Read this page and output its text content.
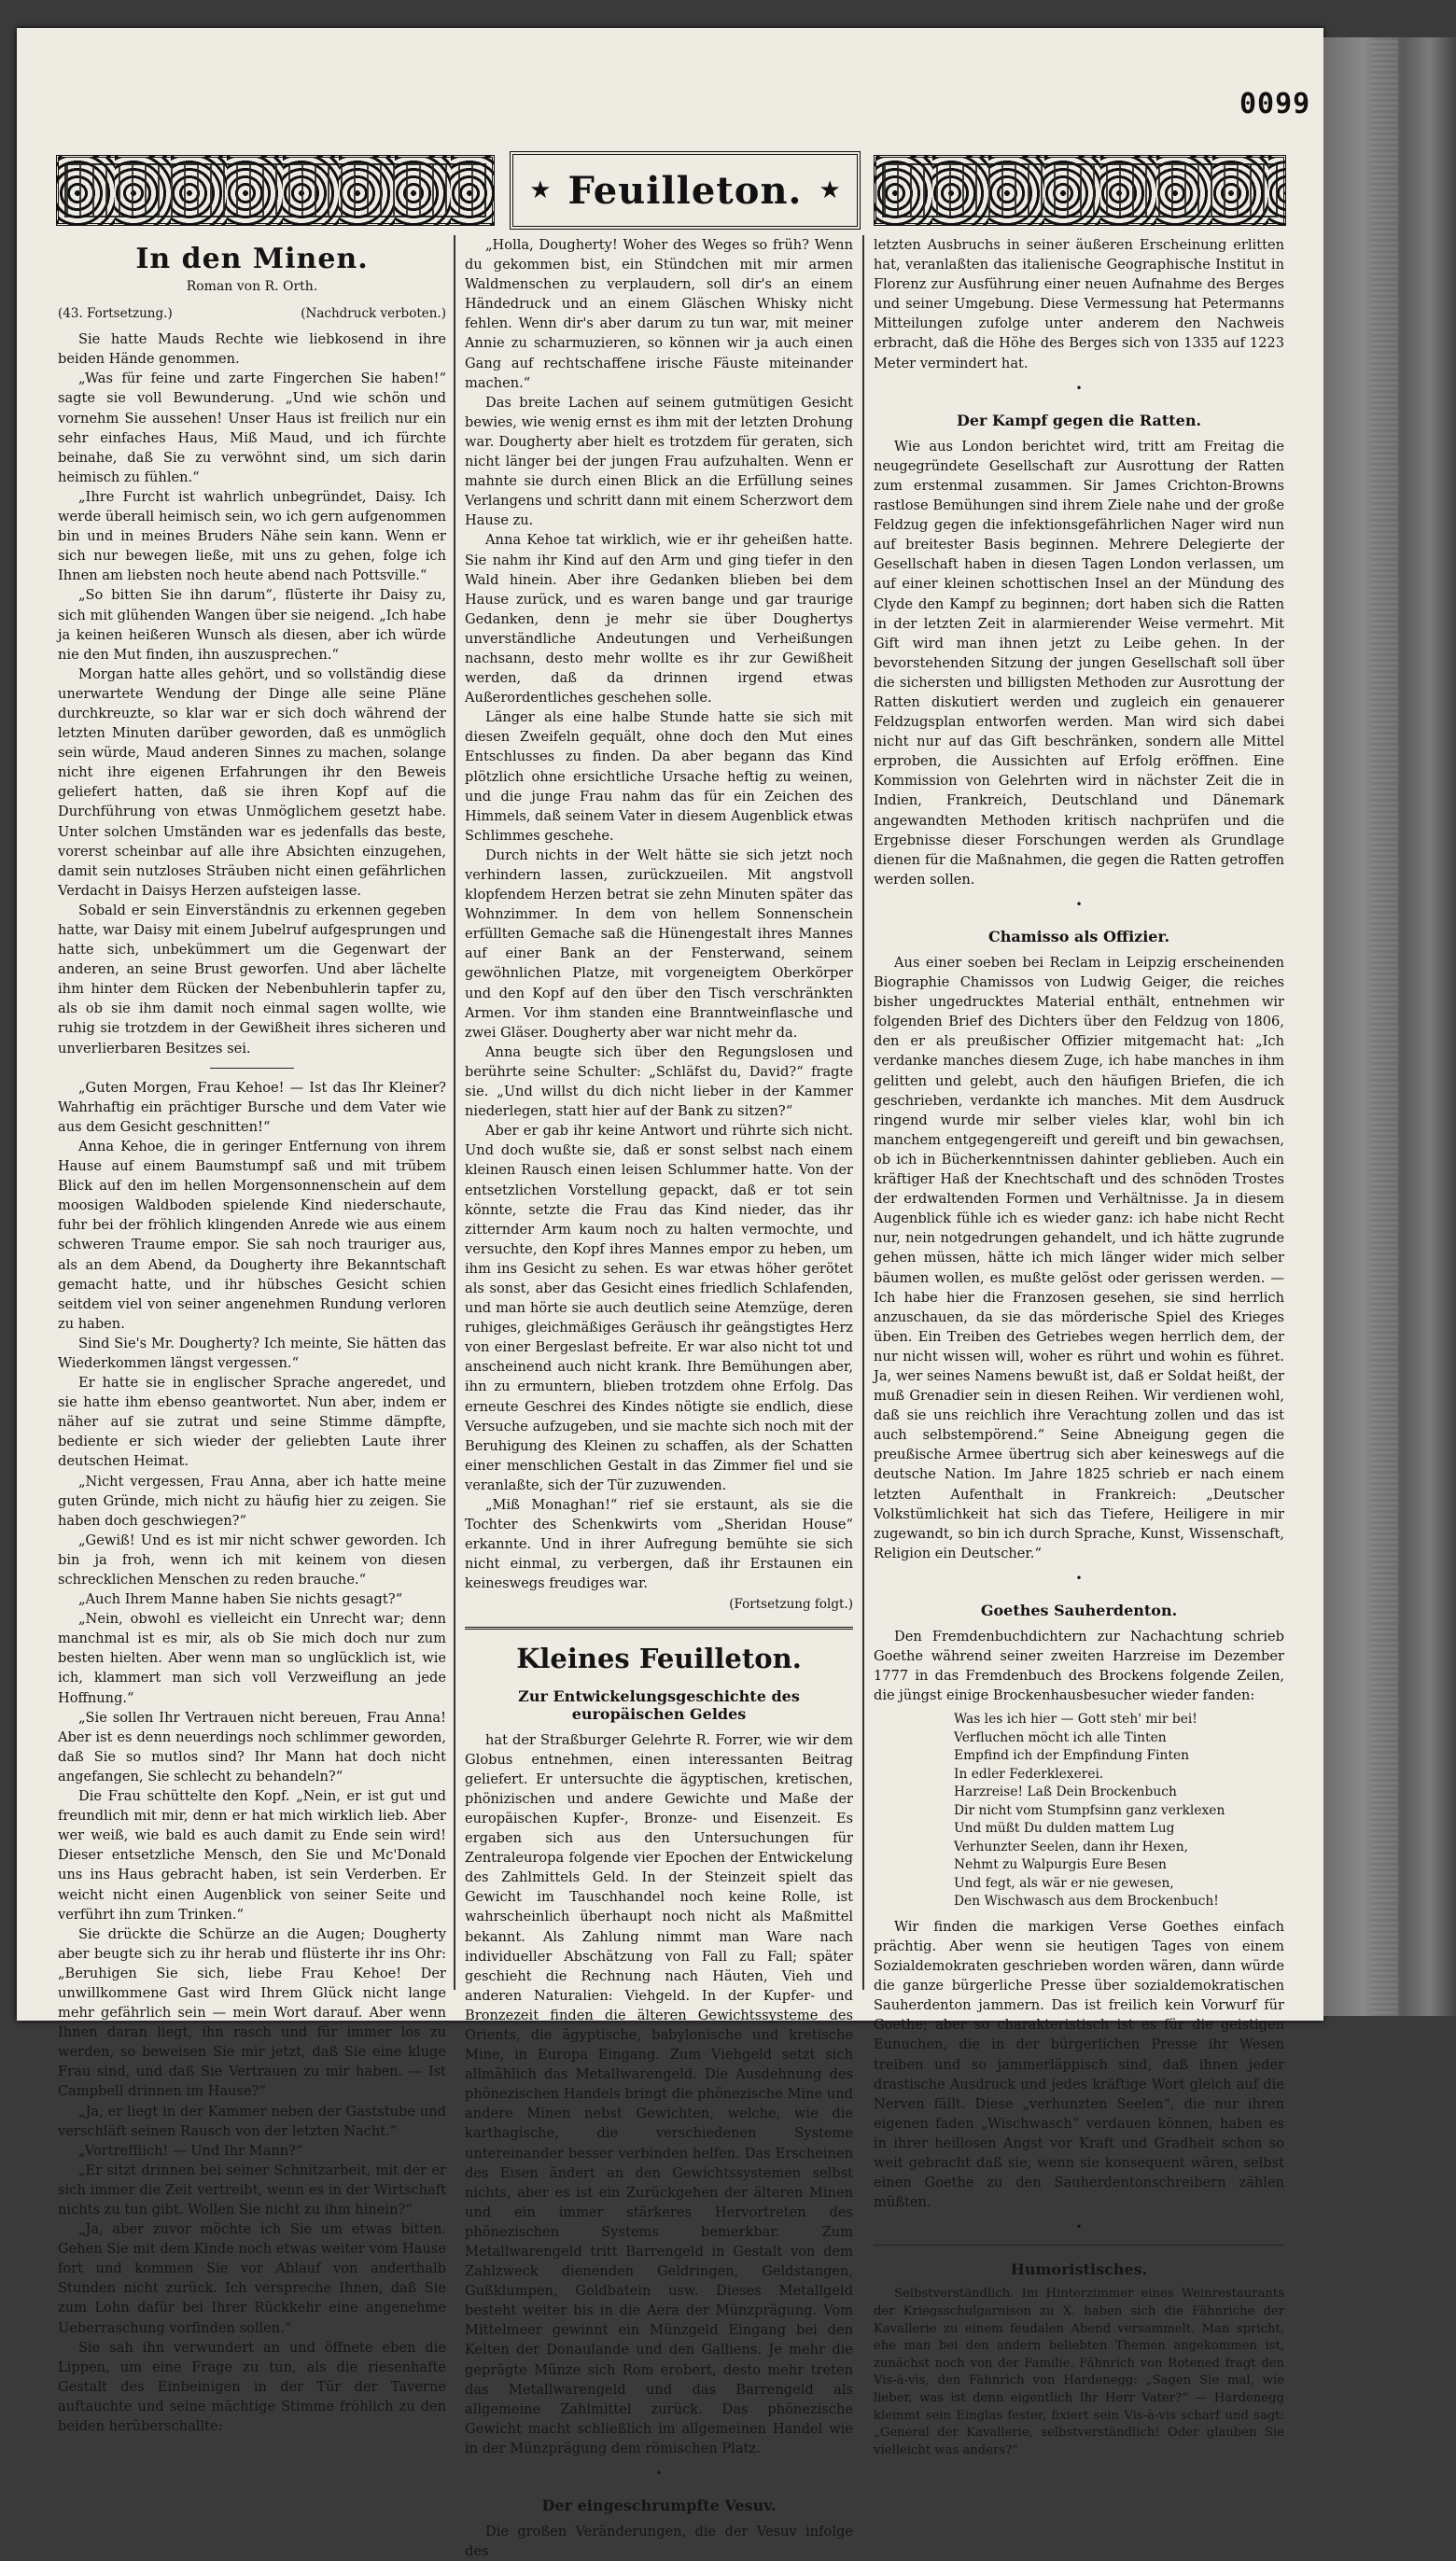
0099
★ Feuilleton. ★
In den Minen.
Roman von R. Orth.
(43. Fortsetzung.)	(Nachdruck verboten.)

Sie hatte Mauds Rechte wie liebkosend in ihre beiden Hände genommen.

„Was für feine und zarte Fingerchen Sie haben!“ sagte sie voll Bewunderung. „Und wie schön und vornehm Sie aussehen! Unser Haus ist freilich nur ein sehr einfaches Haus, Miß Maud, und ich fürchte beinahe, daß Sie zu verwöhnt sind, um sich darin heimisch zu fühlen.“

„Ihre Furcht ist wahrlich unbegründet, Daisy. Ich werde überall heimisch sein, wo ich gern aufgenommen bin und in meines Bruders Nähe sein kann. Wenn er sich nur bewegen ließe, mit uns zu gehen, folge ich Ihnen am liebsten noch heute abend nach Pottsville.“

„So bitten Sie ihn darum“, flüsterte ihr Daisy zu, sich mit glühenden Wangen über sie neigend. „Ich habe ja keinen heißeren Wunsch als diesen, aber ich würde nie den Mut finden, ihn auszusprechen.“

Morgan hatte alles gehört, und so vollständig diese unerwartete Wendung der Dinge alle seine Pläne durchkreuzte, so klar war er sich doch während der letzten Minuten darüber geworden, daß es unmöglich sein würde, Maud anderen Sinnes zu machen, solange nicht ihre eigenen Erfahrungen ihr den Beweis geliefert hatten, daß sie ihren Kopf auf die Durchführung von etwas Unmöglichem gesetzt habe. Unter solchen Umständen war es jedenfalls das beste, vorerst scheinbar auf alle ihre Absichten einzugehen, damit sein nutzloses Sträuben nicht einen gefährlichen Verdacht in Daisys Herzen aufsteigen lasse.

Sobald er sein Einverständnis zu erkennen gegeben hatte, war Daisy mit einem Jubelruf aufgesprungen und hatte sich, unbekümmert um die Gegenwart der anderen, an seine Brust geworfen. Und aber lächelte ihm hinter dem Rücken der Nebenbuhlerin tapfer zu, als ob sie ihm damit noch einmal sagen wollte, wie ruhig sie trotzdem in der Gewißheit ihres sicheren und unverlierbaren Besitzes sei.

„Guten Morgen, Frau Kehoe! — Ist das Ihr Kleiner? Wahrhaftig ein prächtiger Bursche und dem Vater wie aus dem Gesicht geschnitten!“

Anna Kehoe, die in geringer Entfernung von ihrem Hause auf einem Baumstumpf saß und mit trübem Blick auf den im hellen Morgensonnenschein auf dem moosigen Waldboden spielende Kind niederschaute, fuhr bei der fröhlich klingenden Anrede wie aus einem schweren Traume empor. Sie sah noch trauriger aus, als an dem Abend, da Dougherty ihre Bekanntschaft gemacht hatte, und ihr hübsches Gesicht schien seitdem viel von seiner angenehmen Rundung verloren zu haben.

Sind Sie's Mr. Dougherty? Ich meinte, Sie hätten das Wiederkommen längst vergessen.“

Er hatte sie in englischer Sprache angeredet, und sie hatte ihm ebenso geantwortet. Nun aber, indem er näher auf sie zutrat und seine Stimme dämpfte, bediente er sich wieder der geliebten Laute ihrer deutschen Heimat.

„Nicht vergessen, Frau Anna, aber ich hatte meine guten Gründe, mich nicht zu häufig hier zu zeigen. Sie haben doch geschwiegen?“

„Gewiß! Und es ist mir nicht schwer geworden. Ich bin ja froh, wenn ich mit keinem von diesen schrecklichen Menschen zu reden brauche.“

„Auch Ihrem Manne haben Sie nichts gesagt?“

„Nein, obwohl es vielleicht ein Unrecht war; denn manchmal ist es mir, als ob Sie mich doch nur zum besten hielten. Aber wenn man so unglücklich ist, wie ich, klammert man sich voll Verzweiflung an jede Hoffnung.“

„Sie sollen Ihr Vertrauen nicht bereuen, Frau Anna! Aber ist es denn neuerdings noch schlimmer geworden, daß Sie so mutlos sind? Ihr Mann hat doch nicht angefangen, Sie schlecht zu behandeln?“

Die Frau schüttelte den Kopf. „Nein, er ist gut und freundlich mit mir, denn er hat mich wirklich lieb. Aber wer weiß, wie bald es auch damit zu Ende sein wird! Dieser entsetzliche Mensch, den Sie und Mc'Donald uns ins Haus gebracht haben, ist sein Verderben. Er weicht nicht einen Augenblick von seiner Seite und verführt ihn zum Trinken.“

Sie drückte die Schürze an die Augen; Dougherty aber beugte sich zu ihr herab und flüsterte ihr ins Ohr: „Beruhigen Sie sich, liebe Frau Kehoe! Der unwillkommene Gast wird Ihrem Glück nicht lange mehr gefährlich sein — mein Wort darauf. Aber wenn Ihnen daran liegt, ihn rasch und für immer los zu werden, so beweisen Sie mir jetzt, daß Sie eine kluge Frau sind, und daß Sie Vertrauen zu mir haben. — Ist Campbell drinnen im Hause?“

„Ja, er liegt in der Kammer neben der Gaststube und verschläft seinen Rausch von der letzten Nacht.“

„Vortrefflich! — Und Ihr Mann?“

„Er sitzt drinnen bei seiner Schnitzarbeit, mit der er sich immer die Zeit vertreibt, wenn es in der Wirtschaft nichts zu tun gibt. Wollen Sie nicht zu ihm hinein?“

„Ja, aber zuvor möchte ich Sie um etwas bitten. Gehen Sie mit dem Kinde noch etwas weiter vom Hause fort und kommen Sie vor Ablauf von anderthalb Stunden nicht zurück. Ich verspreche Ihnen, daß Sie zum Lohn dafür bei Ihrer Rückkehr eine angenehme Ueberraschung vorfinden sollen.“

Sie sah ihn verwundert an und öffnete eben die Lippen, um eine Frage zu tun, als die riesenhafte Gestalt des Einbeinigen in der Tür der Taverne auftauchte und seine mächtige Stimme fröhlich zu den beiden herüberschallte:

„Holla, Dougherty! Woher des Weges so früh? Wenn du gekommen bist, ein Stündchen mit mir armen Waldmenschen zu verplaudern, soll dir's an einem Händedruck und an einem Gläschen Whisky nicht fehlen. Wenn dir's aber darum zu tun war, mit meiner Annie zu scharmuzieren, so können wir ja auch einen Gang auf rechtschaffene irische Fäuste miteinander machen.“

Das breite Lachen auf seinem gutmütigen Gesicht bewies, wie wenig ernst es ihm mit der letzten Drohung war. Dougherty aber hielt es trotzdem für geraten, sich nicht länger bei der jungen Frau aufzuhalten. Wenn er mahnte sie durch einen Blick an die Erfüllung seines Verlangens und schritt dann mit einem Scherzwort dem Hause zu.

Anna Kehoe tat wirklich, wie er ihr geheißen hatte. Sie nahm ihr Kind auf den Arm und ging tiefer in den Wald hinein. Aber ihre Gedanken blieben bei dem Hause zurück, und es waren bange und gar traurige Gedanken, denn je mehr sie über Doughertys unverständliche Andeutungen und Verheißungen nachsann, desto mehr wollte es ihr zur Gewißheit werden, daß da drinnen irgend etwas Außerordentliches geschehen solle.

Länger als eine halbe Stunde hatte sie sich mit diesen Zweifeln gequält, ohne doch den Mut eines Entschlusses zu finden. Da aber begann das Kind plötzlich ohne ersichtliche Ursache heftig zu weinen, und die junge Frau nahm das für ein Zeichen des Himmels, daß seinem Vater in diesem Augenblick etwas Schlimmes geschehe.

Durch nichts in der Welt hätte sie sich jetzt noch verhindern lassen, zurückzueilen. Mit angstvoll klopfendem Herzen betrat sie zehn Minuten später das Wohnzimmer. In dem von hellem Sonnenschein erfüllten Gemache saß die Hünengestalt ihres Mannes auf einer Bank an der Fensterwand, seinem gewöhnlichen Platze, mit vorgeneigtem Oberkörper und den Kopf auf den über den Tisch verschränkten Armen. Vor ihm standen eine Branntweinflasche und zwei Gläser. Dougherty aber war nicht mehr da.

Anna beugte sich über den Regungslosen und berührte seine Schulter: „Schläfst du, David?“ fragte sie. „Und willst du dich nicht lieber in der Kammer niederlegen, statt hier auf der Bank zu sitzen?“

Aber er gab ihr keine Antwort und rührte sich nicht. Und doch wußte sie, daß er sonst selbst nach einem kleinen Rausch einen leisen Schlummer hatte. Von der entsetzlichen Vorstellung gepackt, daß er tot sein könnte, setzte die Frau das Kind nieder, das ihr zitternder Arm kaum noch zu halten vermochte, und versuchte, den Kopf ihres Mannes empor zu heben, um ihm ins Gesicht zu sehen. Es war etwas höher gerötet als sonst, aber das Gesicht eines friedlich Schlafenden, und man hörte sie auch deutlich seine Atemzüge, deren ruhiges, gleichmäßiges Geräusch ihr geängstigtes Herz von einer Bergeslast befreite. Er war also nicht tot und anscheinend auch nicht krank. Ihre Bemühungen aber, ihn zu ermuntern, blieben trotzdem ohne Erfolg. Das erneute Geschrei des Kindes nötigte sie endlich, diese Versuche aufzugeben, und sie machte sich noch mit der Beruhigung des Kleinen zu schaffen, als der Schatten einer menschlichen Gestalt in das Zimmer fiel und sie veranlaßte, sich der Tür zuzuwenden.

„Miß Monaghan!“ rief sie erstaunt, als sie die Tochter des Schenkwirts vom „Sheridan House“ erkannte. Und in ihrer Aufregung bemühte sie sich nicht einmal, zu verbergen, daß ihr Erstaunen ein keineswegs freudiges war.

(Fortsetzung folgt.)
Kleines Feuilleton.
Zur Entwickelungsgeschichte des europäischen Geldes

hat der Straßburger Gelehrte R. Forrer, wie wir dem Globus entnehmen, einen interessanten Beitrag geliefert. Er untersuchte die ägyptischen, kretischen, phönizischen und andere Gewichte und Maße der europäischen Kupfer-, Bronze- und Eisenzeit. Es ergaben sich aus den Untersuchungen für Zentraleuropa folgende vier Epochen der Entwickelung des Zahlmittels Geld. In der Steinzeit spielt das Gewicht im Tauschhandel noch keine Rolle, ist wahrscheinlich überhaupt noch nicht als Maßmittel bekannt. Als Zahlung nimmt man Ware nach individueller Abschätzung von Fall zu Fall; später geschieht die Rechnung nach Häuten, Vieh und anderen Naturalien: Viehgeld. In der Kupfer- und Bronzezeit finden die älteren Gewichtssysteme des Orients, die ägyptische, babylonische und kretische Mine, in Europa Eingang. Zum Viehgeld setzt sich allmählich das Metallwarengeld. Die Ausdehnung des phönezischen Handels bringt die phönezische Mine und andere Minen nebst Gewichten, welche, wie die karthagische, die verschiedenen Systeme untereinander besser verbinden helfen. Das Erscheinen des Eisen ändert an den Gewichtssystemen selbst nichts, aber es ist ein Zurückgehen der älteren Minen und ein immer stärkeres Hervortreten des phönezischen Systems bemerkbar. Zum Metallwarengeld tritt Barrengeld in Gestalt von dem Zahlzweck dienenden Geldringen, Geldstangen, Gußklumpen, Goldbatein usw. Dieses Metallgeld besteht weiter bis in die Aera der Münzprägung. Vom Mittelmeer gewinnt ein Münzgeld Eingang bei den Kelten der Donaulande und den Galliens. Je mehr die geprägte Münze sich Rom erobert, desto mehr treten das Metallwarengeld und das Barrengeld als allgemeine Zahlmittel zurück. Das phönezische Gewicht macht schließlich im allgemeinen Handel wie in der Münzprägung dem römischen Platz.

•
Der eingeschrumpfte Vesuv.

Die großen Veränderungen, die der Vesuv infolge des

letzten Ausbruchs in seiner äußeren Erscheinung erlitten hat, veranlaßten das italienische Geographische Institut in Florenz zur Ausführung einer neuen Aufnahme des Berges und seiner Umgebung. Diese Vermessung hat Petermanns Mitteilungen zufolge unter anderem den Nachweis erbracht, daß die Höhe des Berges sich von 1335 auf 1223 Meter vermindert hat.

•
Der Kampf gegen die Ratten.

Wie aus London berichtet wird, tritt am Freitag die neugegründete Gesellschaft zur Ausrottung der Ratten zum erstenmal zusammen. Sir James Crichton-Browns rastlose Bemühungen sind ihrem Ziele nahe und der große Feldzug gegen die infektionsgefährlichen Nager wird nun auf breitester Basis beginnen. Mehrere Delegierte der Gesellschaft haben in diesen Tagen London verlassen, um auf einer kleinen schottischen Insel an der Mündung des Clyde den Kampf zu beginnen; dort haben sich die Ratten in der letzten Zeit in alarmierender Weise vermehrt. Mit Gift wird man ihnen jetzt zu Leibe gehen. In der bevorstehenden Sitzung der jungen Gesellschaft soll über die sichersten und billigsten Methoden zur Ausrottung der Ratten diskutiert werden und zugleich ein genauerer Feldzugsplan entworfen werden. Man wird sich dabei nicht nur auf das Gift beschränken, sondern alle Mittel erproben, die Aussichten auf Erfolg eröffnen. Eine Kommission von Gelehrten wird in nächster Zeit die in Indien, Frankreich, Deutschland und Dänemark angewandten Methoden kritisch nachprüfen und die Ergebnisse dieser Forschungen werden als Grundlage dienen für die Maßnahmen, die gegen die Ratten getroffen werden sollen.

•
Chamisso als Offizier.

Aus einer soeben bei Reclam in Leipzig erscheinenden Biographie Chamissos von Ludwig Geiger, die reiches bisher ungedrucktes Material enthält, entnehmen wir folgenden Brief des Dichters über den Feldzug von 1806, den er als preußischer Offizier mitgemacht hat: „Ich verdanke manches diesem Zuge, ich habe manches in ihm gelitten und gelebt, auch den häufigen Briefen, die ich geschrieben, verdankte ich manches. Mit dem Ausdruck ringend wurde mir selber vieles klar, wohl bin ich manchem entgegengereift und gereift und bin gewachsen, ob ich in Bücherkenntnissen dahinter geblieben. Auch ein kräftiger Haß der Knechtschaft und des schnöden Trostes der erdwaltenden Formen und Verhältnisse. Ja in diesem Augenblick fühle ich es wieder ganz: ich habe nicht Recht nur, nein notgedrungen gehandelt, und ich hätte zugrunde gehen müssen, hätte ich mich länger wider mich selber bäumen wollen, es mußte gelöst oder gerissen werden. — Ich habe hier die Franzosen gesehen, sie sind herrlich anzuschauen, da sie das mörderische Spiel des Krieges üben. Ein Treiben des Getriebes wegen herrlich dem, der nur nicht wissen will, woher es rührt und wohin es führet. Ja, wer seines Namens bewußt ist, daß er Soldat heißt, der muß Grenadier sein in diesen Reihen. Wir verdienen wohl, daß sie uns reichlich ihre Verachtung zollen und das ist auch selbstempörend.“ Seine Abneigung gegen die preußische Armee übertrug sich aber keineswegs auf die deutsche Nation. Im Jahre 1825 schrieb er nach einem letzten Aufenthalt in Frankreich: „Deutscher Volkstümlichkeit hat sich das Tiefere, Heiligere in mir zugewandt, so bin ich durch Sprache, Kunst, Wissenschaft, Religion ein Deutscher.“

•
Goethes Sauherdenton.

Den Fremdenbuchdichtern zur Nachachtung schrieb Goethe während seiner zweiten Harzreise im Dezember 1777 in das Fremdenbuch des Brockens folgende Zeilen, die jüngst einige Brockenhausbesucher wieder fanden:

Was les ich hier — Gott steh' mir bei!
Verfluchen möcht ich alle Tinten
Empfind ich der Empfindung Finten
In edler Federklexerei.
Harzreise! Laß Dein Brockenbuch
Dir nicht vom Stumpfsinn ganz verklexen
Und müßt Du dulden mattem Lug
Verhunzter Seelen, dann ihr Hexen,
Nehmt zu Walpurgis Eure Besen
Und fegt, als wär er nie gewesen,
Den Wischwasch aus dem Brockenbuch!

Wir finden die markigen Verse Goethes einfach prächtig. Aber wenn sie heutigen Tages von einem Sozialdemokraten geschrieben worden wären, dann würde die ganze bürgerliche Presse über sozialdemokratischen Sauherdenton jammern. Das ist freilich kein Vorwurf für Goethe; aber so charakteristisch ist es für die geistigen Eunuchen, die in der bürgerlichen Presse ihr Wesen treiben und so jammerläppisch sind, daß ihnen jeder drastische Ausdruck und jedes kräftige Wort gleich auf die Nerven fällt. Diese „verhunzten Seelen“, die nur ihren eigenen faden „Wischwasch“ verdauen können, haben es in ihrer heillosen Angst vor Kraft und Gradheit schon so weit gebracht daß sie, wenn sie konsequent wären, selbst einen Goethe zu den Sauherdentonschreibern zählen müßten.

•
Humoristisches.

Selbstverständlich. Im Hinterzimmer eines Weinrestaurants der Kriegsschulgarnison zu X. haben sich die Fähnriche der Kavallerie zu einem feudalen Abend versammelt. Man spricht, ehe man bei den andern beliebten Themen angekommen ist, zunächst noch von der Familie. Fähnrich von Rotened fragt den Vis-à-vis, den Fähnrich von Hardenegg: „Sagen Sie mal, wie lieber, was ist denn eigentlich Ihr Herr Vater?“ — Hardenegg klemmt sein Einglas fester, fixiert sein Vis-à-vis scharf und sagt: „General der Kavallerie, selbstverständlich! Oder glauben Sie vielleicht was anders?“
